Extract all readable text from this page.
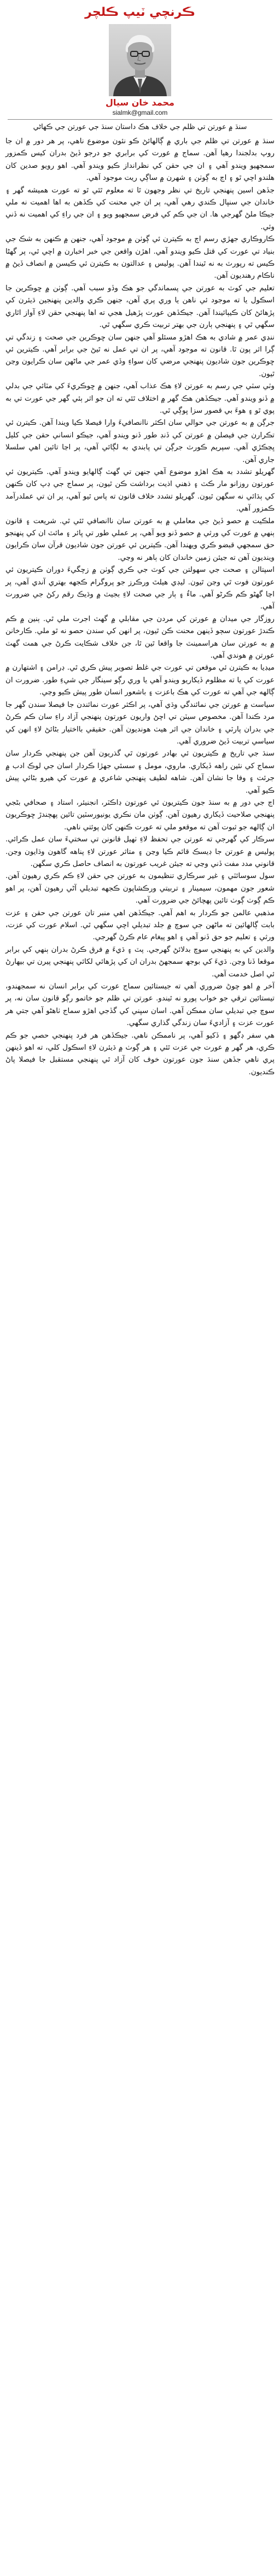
ڪرنچي ٽيپ ڪلچر
محمد خان سيال
sialmk@gmail.com
سنڌ ۾ عورتن تي ظلم جي خلاف هڪ داستان سنڌ جي عورتن جي ڪهاڻي

سنڌ ۾ عورتن تي ظلم جي باري ۾ ڳالهائڻ ڪو نئون موضوع ناهي، پر هر دور ۾ ان جا روپ بدلجندا رهيا آهن. سماج ۾ عورت کي برابري جو درجو ڏيڻ بدران کيس ڪمزور سمجهيو ويندو آهي ۽ ان جي حقن کي نظرانداز ڪيو ويندو آهي. اهو رويو صدين کان هلندو اچي ٿو ۽ اڄ به ڳوٺن ۽ شهرن ۾ ساڳي ريت موجود آهي.

جڏهن اسين پنهنجي تاريخ تي نظر وجهون ٿا ته معلوم ٿئي ٿو ته عورت هميشه گهر ۽ خاندان جي سنڀال ڪندي رهي آهي، پر ان جي محنت کي ڪڏهن به اها اهميت نه ملي جيڪا ملڻ گهرجي ها. ان جي ڪم کي فرض سمجهيو ويو ۽ ان جي راءِ کي اهميت نه ڏني وئي.

ڪاروڪاري جهڙي رسم اڄ به ڪيترن ئي ڳوٺن ۾ موجود آهي، جنهن ۾ ڪنهن به شڪ جي بنياد تي عورت کي قتل ڪيو ويندو آهي. اهڙن واقعن جي خبر اخبارن ۾ اچي ٿي، پر گهڻا ڪيس ته رپورٽ به نه ٿيندا آهن. پوليس ۽ عدالتون به ڪيترن ئي ڪيسن ۾ انصاف ڏيڻ ۾ ناڪام رهنديون آهن.

تعليم جي کوٽ به عورتن جي پسماندگي جو هڪ وڏو سبب آهي. ڳوٺن ۾ ڇوڪرين جا اسڪول يا ته موجود ئي ناهن يا وري پري آهن، جنهن ڪري والدين پنهنجين ڌيئرن کي پڙهائڻ کان ڪيٻائيندا آهن. جيڪڏهن عورت پڙهيل هجي ته اها پنهنجي حقن لاءِ آواز اٿاري سگهي ٿي ۽ پنهنجي ٻارن جي بهتر تربيت ڪري سگهي ٿي.

ننڍي عمر ۾ شادي به هڪ اهڙو مسئلو آهي جنهن سان ڇوڪرين جي صحت ۽ زندگي تي ڳرا اثر پون ٿا. قانون ته موجود آهي، پر ان تي عمل نه ٿيڻ جي برابر آهي. ڪيترين ئي ڇوڪرين جون شاديون پنهنجي مرضي کان سواءِ وڏي عمر جي ماڻهن سان ڪرايون وڃن ٿيون.

وٽي سٽي جي رسم به عورتن لاءِ هڪ عذاب آهي، جنهن ۾ ڇوڪريءَ کي مٽائي جي بدلي ۾ ڏنو ويندو آهي. جيڪڏهن هڪ گهر ۾ اختلاف ٿئي ته ان جو اثر ٻئي گهر جي عورت تي به پوي ٿو ۽ هوءَ بي قصور سزا ڀوڳي ٿي.

جرڳن ۾ به عورتن جي حوالي سان اڪثر ناانصافيءَ وارا فيصلا ڪيا ويندا آهن. ڪيترن ئي تڪرارن جي فيصلن ۾ عورتن کي ڏنڊ طور ڏنو ويندو آهي، جيڪو انساني حقن جي کليل ڀڃڪڙي آهي. سپريم ڪورٽ جرڳن تي پابندي به لڳائي آهي، پر اڃا تائين اهي سلسلا جاري آهن.

گهريلو تشدد به هڪ اهڙو موضوع آهي جنهن تي گهٽ ڳالهايو ويندو آهي. ڪيتريون ئي عورتون روزانو مار ڪٽ ۽ ذهني اذيت برداشت ڪن ٿيون، پر سماج جي ڊپ کان ڪنهن کي ٻڌائي نه سگهن ٿيون. گهريلو تشدد خلاف قانون ته پاس ٿيو آهي، پر ان تي عملدرآمد ڪمزور آهي.

ملڪيت ۾ حصو ڏيڻ جي معاملي ۾ به عورتن سان ناانصافي ٿئي ٿي. شريعت ۽ قانون ٻنهي ۾ عورت کي ورثي ۾ حصو ڏنو ويو آهي، پر عملي طور تي ڀائر ۽ مائٽ ان کي پنهنجو حق سمجهي قبضو ڪري ويهندا آهن. ڪيترين ئي عورتن جون شاديون قرآن سان ڪرايون وينديون آهن ته جيئن زمين خاندان کان ٻاهر نه وڃي.

اسپتالن ۽ صحت جي سهولتن جي کوٽ جي ڪري ڳوٺن ۾ زچگيءَ دوران ڪيتريون ئي عورتون فوت ٿي وڃن ٿيون. ليڊي هيلٿ ورڪرز جو پروگرام ڪجهه بهتري آندي آهي، پر اڃا گهڻو ڪم ڪرڻو آهي. ماءُ ۽ ٻار جي صحت لاءِ بجيٽ ۾ وڌيڪ رقم رکڻ جي ضرورت آهي.

روزگار جي ميدان ۾ عورتن کي مردن جي مقابلي ۾ گهٽ اجرت ملي ٿي. ٻنين ۾ ڪم ڪندڙ عورتون سڄو ڏينهن محنت ڪن ٿيون، پر انهن کي سندن حصو نه ٿو ملي. ڪارخانن ۾ به عورتن سان هراسمينٽ جا واقعا ٿين ٿا، جن خلاف شڪايت ڪرڻ جي همت گهٽ عورتن ۾ هوندي آهي.

ميڊيا به ڪيترن ئي موقعن تي عورت جي غلط تصوير پيش ڪري ٿي. ڊرامن ۽ اشتهارن ۾ عورت کي يا ته مظلوم ڏيکاريو ويندو آهي يا وري رڳو سينگار جي شيءِ طور. ضرورت ان ڳالهه جي آهي ته عورت کي هڪ باعزت ۽ باشعور انسان طور پيش ڪيو وڃي.

سياست ۾ عورتن جي نمائندگي وڌي آهي، پر اڪثر عورت نمائندن جا فيصلا سندن گهر جا مرد ڪندا آهن. مخصوص سيٽن تي اچڻ واريون عورتون پنهنجي آزاد راءِ سان ڪم ڪرڻ جي بدران پارٽي ۽ خاندان جي اثر هيٺ هونديون آهن. حقيقي بااختيار بڻائڻ لاءِ انهن کي سياسي تربيت ڏيڻ ضروري آهي.

سنڌ جي تاريخ ۾ ڪيتريون ئي بهادر عورتون ٿي گذريون آهن جن پنهنجي ڪردار سان سماج کي نئين راهه ڏيکاري. ماروي، مومل ۽ سسئي جهڙا ڪردار اسان جي لوڪ ادب ۾ جرئت ۽ وفا جا نشان آهن. شاهه لطيف پنهنجي شاعري ۾ عورت کي هيرو بڻائي پيش ڪيو آهي.

اڄ جي دور ۾ به سنڌ جون ڪيتريون ئي عورتون ڊاڪٽر، انجنيئر، استاد ۽ صحافي بڻجي پنهنجي صلاحيت ڏيکاري رهيون آهن. ڳوٺن مان نڪري يونيورسٽين تائين پهچندڙ ڇوڪريون ان ڳالهه جو ثبوت آهن ته موقعو ملي ته عورت ڪنهن کان پوئتي ناهي.

سرڪار کي گهرجي ته عورتن جي تحفظ لاءِ ٺهيل قانونن تي سختيءَ سان عمل ڪرائي. پوليس ۾ عورتن جا ڊيسڪ قائم ڪيا وڃن ۽ متاثر عورتن لاءِ پناهه گاهون وڌايون وڃن. قانوني مدد مفت ڏني وڃي ته جيئن غريب عورتون به انصاف حاصل ڪري سگهن.

سول سوسائٽي ۽ غير سرڪاري تنظيمون به عورتن جي حقن لاءِ ڪم ڪري رهيون آهن. شعور جون مهمون، سيمينار ۽ تربيتي ورڪشاپون ڪجهه تبديلي آڻي رهيون آهن، پر اهو ڪم ڳوٺ ڳوٺ تائين پهچائڻ جي ضرورت آهي.

مذهبي عالمن جو ڪردار به اهم آهي. جيڪڏهن اهي منبر تان عورتن جي حقن ۽ عزت بابت ڳالهائين ته ماڻهن جي سوچ ۾ جلد تبديلي اچي سگهي ٿي. اسلام عورت کي عزت، ورثي ۽ تعليم جو حق ڏنو آهي ۽ اهو پيغام عام ڪرڻ گهرجي.

والدين کي به پنهنجي سوچ بدلائڻ گهرجي. پٽ ۽ ڌيءَ ۾ فرق ڪرڻ بدران ٻنهي کي برابر موقعا ڏنا وڃن. ڌيءَ کي بوجھ سمجهڻ بدران ان کي پڙهائي لکائي پنهنجي پيرن تي بيهارڻ ئي اصل خدمت آهي.

آخر ۾ اهو چوڻ ضروري آهي ته جيستائين سماج عورت کي برابر انسان نه سمجهندو، تيستائين ترقي جو خواب پورو نه ٿيندو. عورتن تي ظلم جو خاتمو رڳو قانون سان نه، پر سوچ جي تبديلي سان ممڪن آهي. اسان سڀني کي گڏجي اهڙو سماج ٺاهڻو آهي جتي هر عورت عزت ۽ آزاديءَ سان زندگي گذاري سگهي.

هي سفر ڊگهو ۽ ڏکيو آهي، پر ناممڪن ناهي. جيڪڏهن هر فرد پنهنجي حصي جو ڪم ڪري، هر گهر ۾ عورت جي عزت ٿئي ۽ هر ڳوٺ ۾ ڌيئرن لاءِ اسڪول کلي، ته اهو ڏينهن پري ناهي جڏهن سنڌ جون عورتون خوف کان آزاد ٿي پنهنجي مستقبل جا فيصلا پاڻ ڪنديون.
